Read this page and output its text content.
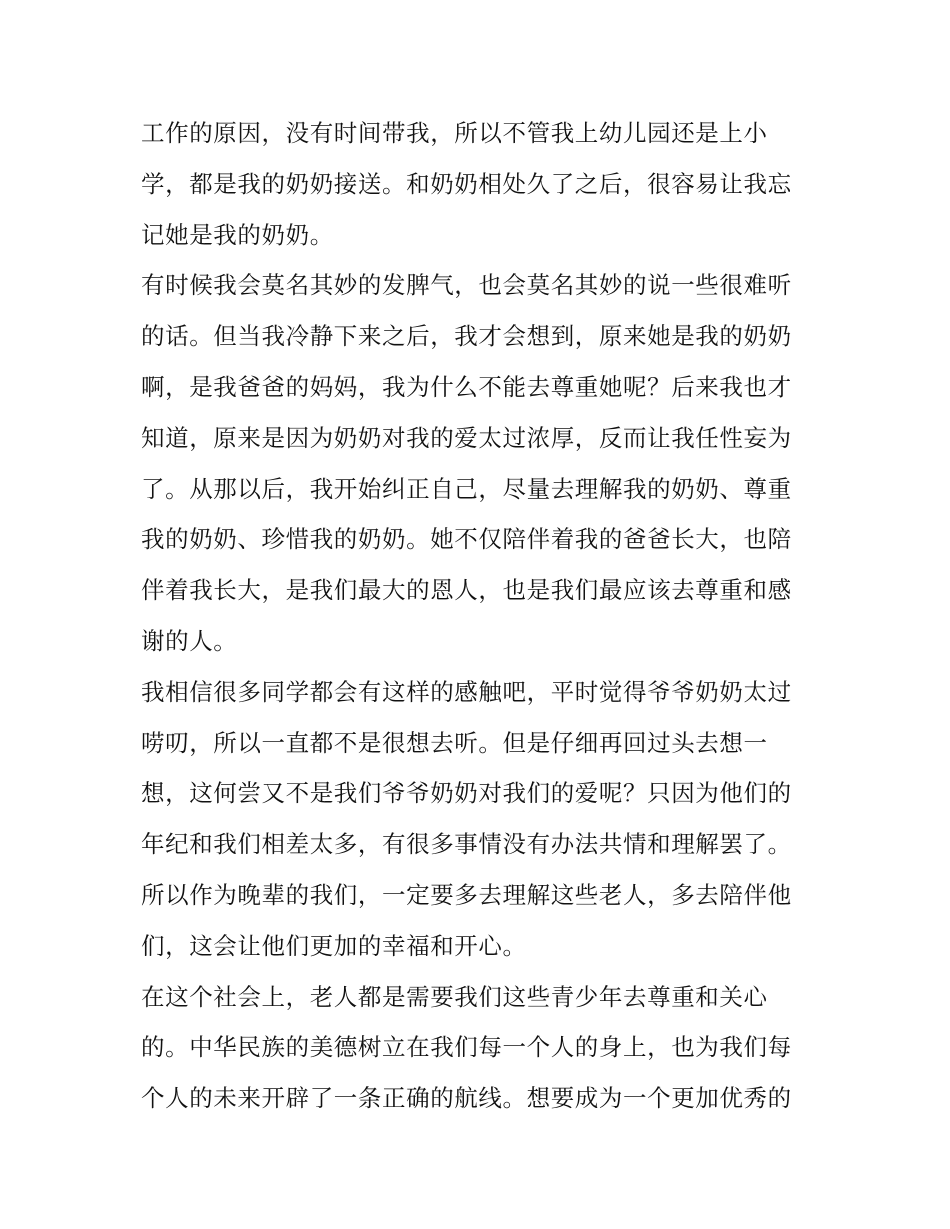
工作的原因，没有时间带我，所以不管我上幼儿园还是上小
学，都是我的奶奶接送。和奶奶相处久了之后，很容易让我忘
记她是我的奶奶。
有时候我会莫名其妙的发脾气，也会莫名其妙的说一些很难听
的话。但当我冷静下来之后，我才会想到，原来她是我的奶奶
啊，是我爸爸的妈妈，我为什么不能去尊重她呢？后来我也才
知道，原来是因为奶奶对我的爱太过浓厚，反而让我任性妄为
了。从那以后，我开始纠正自己，尽量去理解我的奶奶、尊重
我的奶奶、珍惜我的奶奶。她不仅陪伴着我的爸爸长大，也陪
伴着我长大，是我们最大的恩人，也是我们最应该去尊重和感
谢的人。
我相信很多同学都会有这样的感触吧，平时觉得爷爷奶奶太过
唠叨，所以一直都不是很想去听。但是仔细再回过头去想一
想，这何尝又不是我们爷爷奶奶对我们的爱呢？只因为他们的
年纪和我们相差太多，有很多事情没有办法共情和理解罢了。
所以作为晚辈的我们，一定要多去理解这些老人，多去陪伴他
们，这会让他们更加的幸福和开心。
在这个社会上，老人都是需要我们这些青少年去尊重和关心
的。中华民族的美德树立在我们每一个人的身上，也为我们每
个人的未来开辟了一条正确的航线。想要成为一个更加优秀的
